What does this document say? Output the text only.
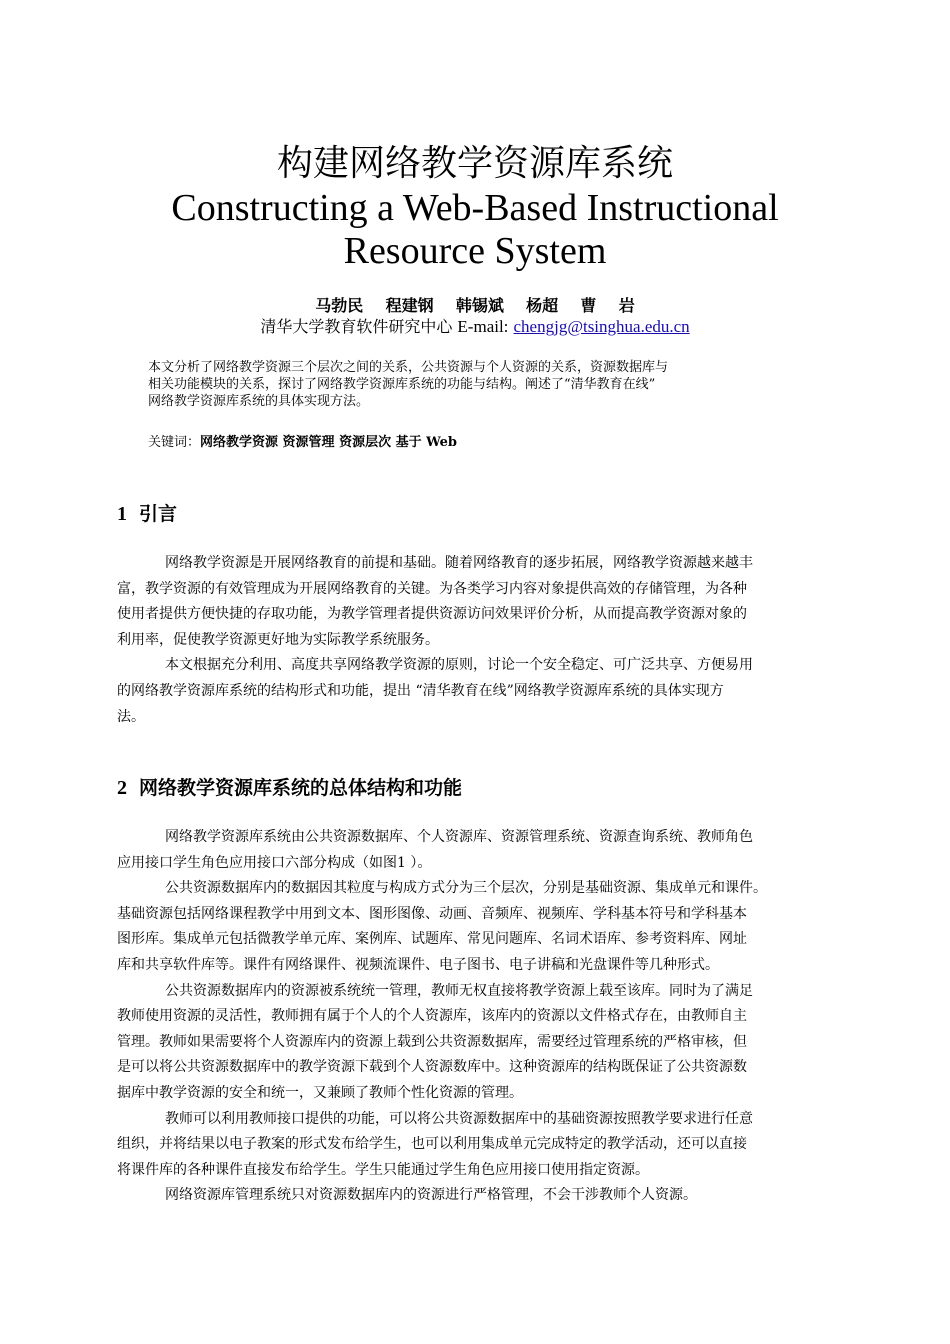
构建网络教学资源库系统
Constructing a Web-Based Instructional
Resource System
马勃民    程建钢    韩锡斌    杨超    曹    岩
清华大学教育软件研究中心 E-mail: chengjg@tsinghua.edu.cn
本文分析了网络教学资源三个层次之间的关系，公共资源与个人资源的关系，资源数据库与
相关功能模块的关系，探讨了网络教学资源库系统的功能与结构。阐述了“清华教育在线”
网络教学资源库系统的具体实现方法。
关键词：网络教学资源 资源管理 资源层次 基于 Web
1 引言
网络教学资源是开展网络教育的前提和基础。随着网络教育的逐步拓展，网络教学资源越来越丰
富，教学资源的有效管理成为开展网络教育的关键。为各类学习内容对象提供高效的存储管理，为各种
使用者提供方便快捷的存取功能，为教学管理者提供资源访问效果评价分析，从而提高教学资源对象的
利用率，促使教学资源更好地为实际教学系统服务。
本文根据充分利用、高度共享网络教学资源的原则，讨论一个安全稳定、可广泛共享、方便易用
的网络教学资源库系统的结构形式和功能，提出 “清华教育在线”网络教学资源库系统的具体实现方
法。
2 网络教学资源库系统的总体结构和功能
网络教学资源库系统由公共资源数据库、个人资源库、资源管理系统、资源查询系统、教师角色
应用接口学生角色应用接口六部分构成（如图1 ）。
公共资源数据库内的数据因其粒度与构成方式分为三个层次，分别是基础资源、集成单元和课件。
基础资源包括网络课程教学中用到文本、图形图像、动画、音频库、视频库、学科基本符号和学科基本
图形库。集成单元包括微教学单元库、案例库、试题库、常见问题库、名词术语库、参考资料库、网址
库和共享软件库等。课件有网络课件、视频流课件、电子图书、电子讲稿和光盘课件等几种形式。
公共资源数据库内的资源被系统统一管理，教师无权直接将教学资源上载至该库。同时为了满足
教师使用资源的灵活性，教师拥有属于个人的个人资源库，该库内的资源以文件格式存在，由教师自主
管理。教师如果需要将个人资源库内的资源上载到公共资源数据库，需要经过管理系统的严格审核，但
是可以将公共资源数据库中的教学资源下载到个人资源数库中。这种资源库的结构既保证了公共资源数
据库中教学资源的安全和统一，又兼顾了教师个性化资源的管理。
教师可以利用教师接口提供的功能，可以将公共资源数据库中的基础资源按照教学要求进行任意
组织，并将结果以电子教案的形式发布给学生，也可以利用集成单元完成特定的教学活动，还可以直接
将课件库的各种课件直接发布给学生。学生只能通过学生角色应用接口使用指定资源。
网络资源库管理系统只对资源数据库内的资源进行严格管理，不会干涉教师个人资源。
